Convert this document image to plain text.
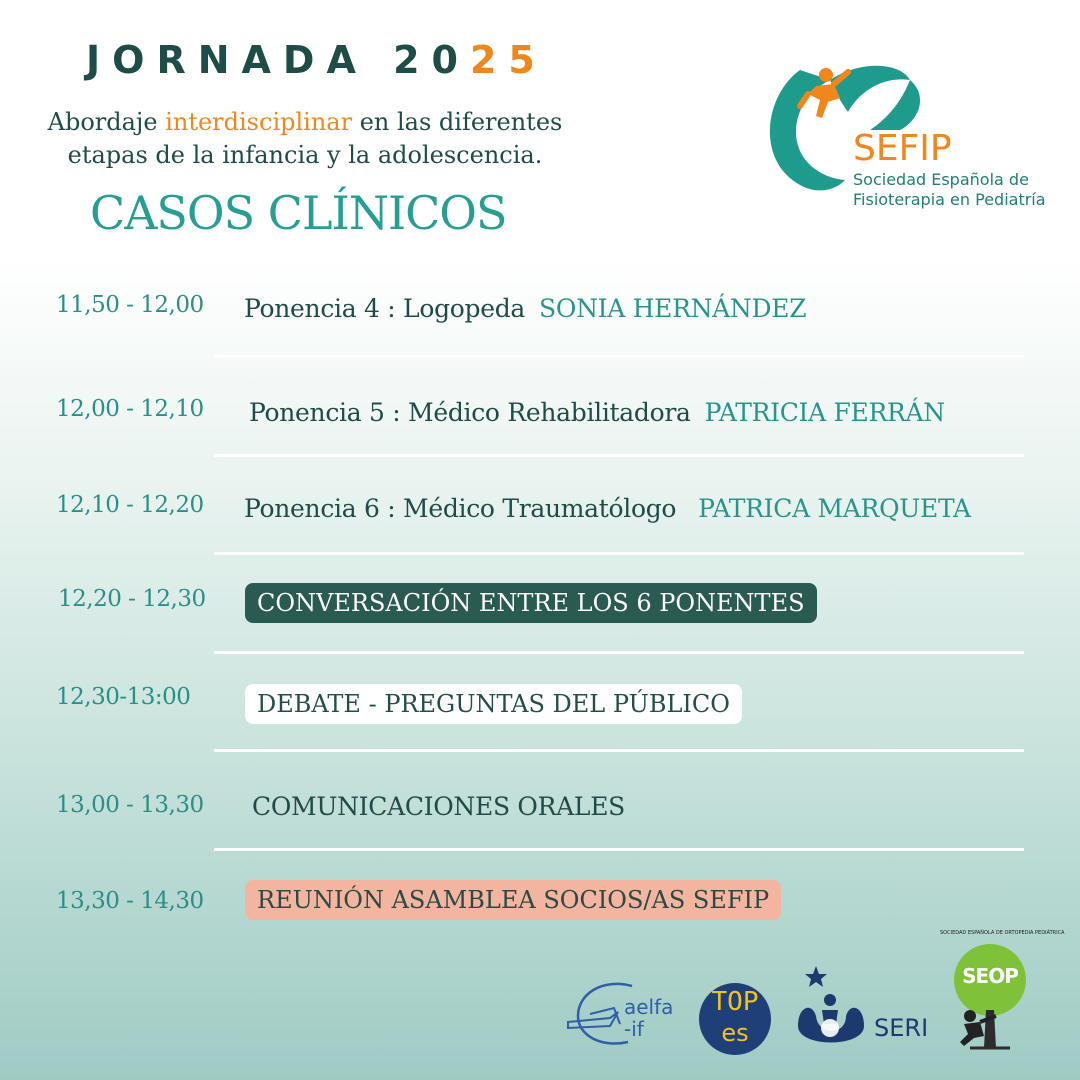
JORNADA 2025
Abordaje interdisciplinar en las diferentes
etapas de la infancia y la adolescencia.
CASOS CLÍNICOS
SEFIP
Sociedad Española de
Fisioterapia en Pediatría
11,50 - 12,00 Ponencia 4 : Logopeda SONIA HERNÁNDEZ
12,00 - 12,10 Ponencia 5 : Médico Rehabilitadora PATRICIA FERRÁN
12,10 - 12,20 Ponencia 6 : Médico Traumatólogo PATRICA MARQUETA
12,20 - 12,30	CONVERSACIÓN ENTRE LOS 6 PONENTES
12,30-13:00	DEBATE - PREGUNTAS DEL PÚBLICO
13,00 - 13,30 COMUNICACIONES ORALES
13,30 - 14,30	REUNIÓN ASAMBLEA SOCIOS/AS SEFIP
aelfa
-if
TOP
es	SERI
SEOP
SOCIEDAD ESPAÑOLA DE ORTOPEDIA PEDIÁTRICA
